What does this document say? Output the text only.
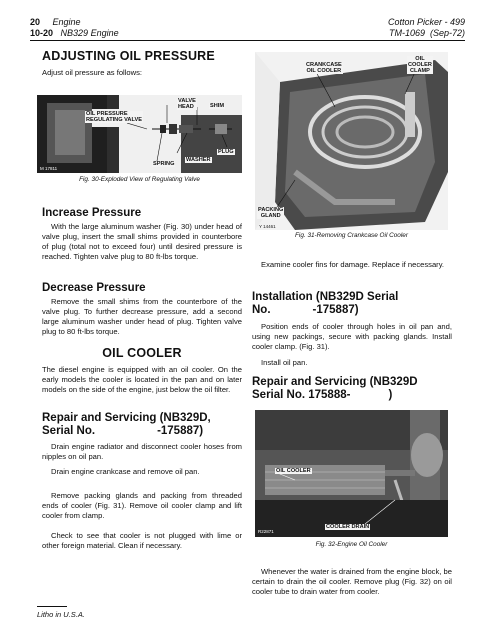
20 Engine
10-20 NB329 Engine
Cotton Picker - 499
TM-1069 (Sep-72)
ADJUSTING OIL PRESSURE
Adjust oil pressure as follows:
VALVE
HEAD	SHIM
OIL PRESSURE
REGULATING VALVE
PLUG
WASHER
SPRING
M 17811
Fig. 30-Exploded View of Regulating Valve
Increase Pressure
With the large aluminum washer (Fig. 30) under head of valve plug, insert the small shims provided in counterbore of plug (total not to exceed four) until desired pressure is reached. Tighten valve plug to 80 ft-lbs torque.
Decrease Pressure
Remove the small shims from the counterbore of the valve plug. To further decrease pressure, add a second large aluminum washer under head of plug. Tighten valve plug to 80 ft-lbs torque.
OIL COOLER
The diesel engine is equipped with an oil cooler. On the early models the cooler is located in the pan and on later models on the side of the engine, just below the oil filter.
Repair and Servicing (NB329D,
Serial No.	-175887)
Drain engine radiator and disconnect cooler hoses from nipples on oil pan.
Drain engine crankcase and remove oil pan.
Remove packing glands and packing from threaded ends of cooler (Fig. 31). Remove oil cooler clamp and lift cooler from clamp.
Check to see that cooler is not plugged with lime or other foreign material. Clean if necessary.
Litho in U.S.A.
CRANKCASE
OIL COOLER
OIL
COOLER
CLAMP
PACKING
GLAND
Y 14461
Fig. 31-Removing Crankcase Oil Cooler
Examine cooler fins for damage. Replace if necessary.
Installation (NB329D Serial
No.	-175887)
Position ends of cooler through holes in oil pan and, using new packings, secure with packing glands. Install cooler clamp. (Fig. 31).
Install oil pan.
Repair and Servicing (NB329D
Serial No. 175888-	)
OIL COOLER
COOLER DRAIN
R22871
Fig. 32-Engine Oil Cooler
Whenever the water is drained from the engine block, be certain to drain the oil cooler. Remove plug (Fig. 32) on oil cooler tube to drain water from cooler.
